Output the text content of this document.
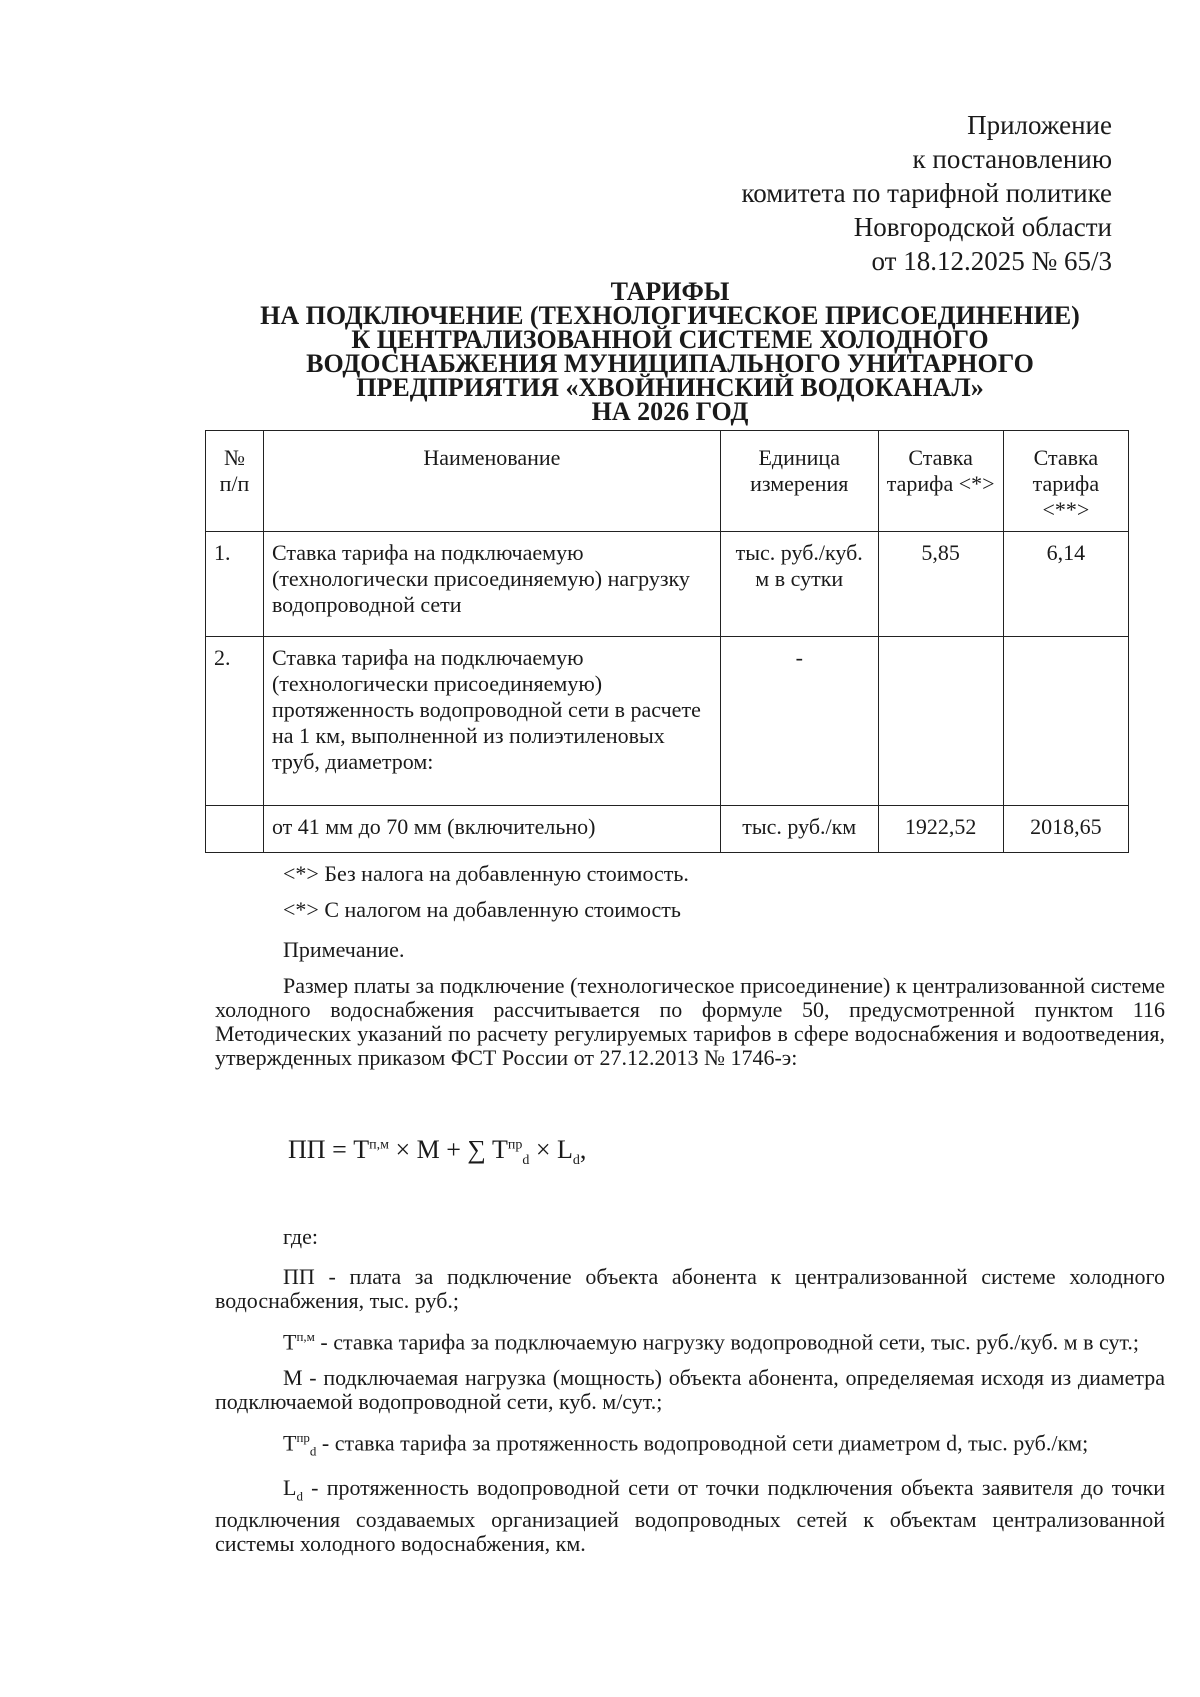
Приложение
к постановлению
комитета по тарифной политике
Новгородской области
от 18.12.2025 № 65/3
ТАРИФЫ
НА ПОДКЛЮЧЕНИЕ (ТЕХНОЛОГИЧЕСКОЕ ПРИСОЕДИНЕНИЕ)
К ЦЕНТРАЛИЗОВАННОЙ СИСТЕМЕ ХОЛОДНОГО
ВОДОСНАБЖЕНИЯ МУНИЦИПАЛЬНОГО УНИТАРНОГО
ПРЕДПРИЯТИЯ «ХВОЙНИНСКИЙ ВОДОКАНАЛ»
НА 2026 ГОД
№ п/п	Наименование	Единица измерения	Ставка тарифа <*>	Ставка тарифа <**>
1.	Ставка тарифа на подключаемую (технологически присоединяемую) нагрузку водопроводной сети	тыс. руб./куб. м в сутки	5,85	6,14
2.	Ставка тарифа на подключаемую (технологически присоединяемую) протяженность водопроводной сети в расчете на 1 км, выполненной из полиэтиленовых труб, диаметром:	-		
	от 41 мм до 70 мм (включительно)	тыс. руб./км	1922,52	2018,65

<*> Без налога на добавленную стоимость.

<*> С налогом на добавленную стоимость

Примечание.

Размер платы за подключение (технологическое присоединение) к централизованной системе холодного водоснабжения рассчитывается по формуле 50, предусмотренной пунктом 116 Методических указаний по расчету регулируемых тарифов в сфере водоснабжения и водоотведения, утвержденных приказом ФСТ России от 27.12.2013 № 1746-э:

ПП = $Т^{п,м} \times M$ + ∑ $T^{пр}_d \times L_d$,

где:

ПП - плата за подключение объекта абонента к централизованной системе холодного водоснабжения, тыс. руб.;

$Т^{п,м}$ - ставка тарифа за подключаемую нагрузку водопроводной сети, тыс. руб./куб. м в сут.;

М - подключаемая нагрузка (мощность) объекта абонента, определяемая исходя из диаметра подключаемой водопроводной сети, куб. м/сут.;

$Т^{пр}_d$ - ставка тарифа за протяженность водопроводной сети диаметром d, тыс. руб./км;

$L_d$ - протяженность водопроводной сети от точки подключения объекта заявителя до точки подключения создаваемых организацией водопроводных сетей к объектам централизованной системы холодного водоснабжения, км.
